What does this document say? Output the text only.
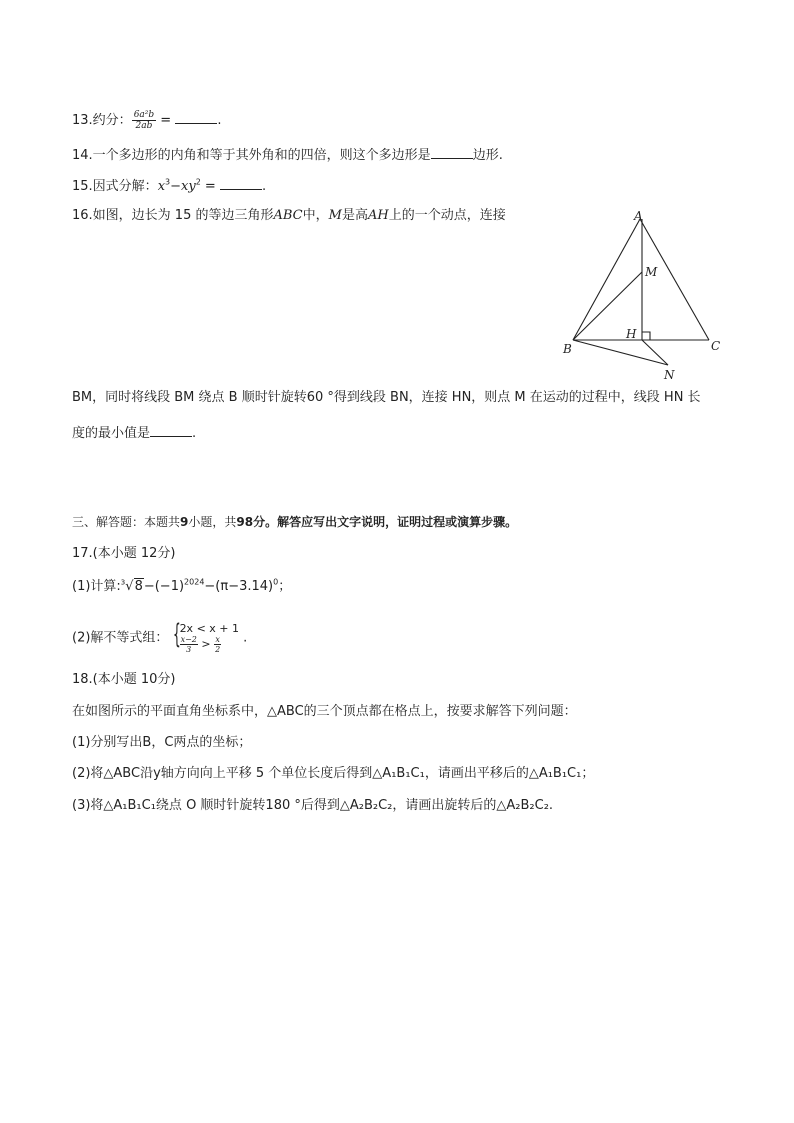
13.约分： $\frac{\text{6a²b}}{2ab}$ =	.
14.一个多边形的内角和等于其外角和的四倍，则这个多边形是	边形.
15.因式分解：$x^3-xy^2$ =	.
16.如图，边长为 15 的等边三角形ABC中，M是高AH上的一个动点，连接	A
M
H
B	C
N
BM，同时将线段 BM 绕点 B 顺时针旋转60 °得到线段 BN，连接 HN，则点 M 在运动的过程中，线段 HN 长
度的最小值是	.
三、解答题：本题共9小题，共98分。解答应写出文字说明，证明过程或演算步骤。
17.(本小题 12分)
(1)计算$:^3√8-(-1)^{2024}-(\pi-3.14)^0$；
(2)解不等式组： { 2x < x + 1
$\frac{x-2}{3} > \frac{x}{2}$ .
18.(本小题 10分)
在如图所示的平面直角坐标系中，△ABC的三个顶点都在格点上，按要求解答下列问题：
(1)分别写出B，C两点的坐标；
(2)将△ABC沿y轴方向向上平移 5 个单位长度后得到△A₁B₁C₁，请画出平移后的△A₁B₁C₁；
(3)将△A₁B₁C₁绕点 O 顺时针旋转180 °后得到△A₂B₂C₂，请画出旋转后的△A₂B₂C₂.
